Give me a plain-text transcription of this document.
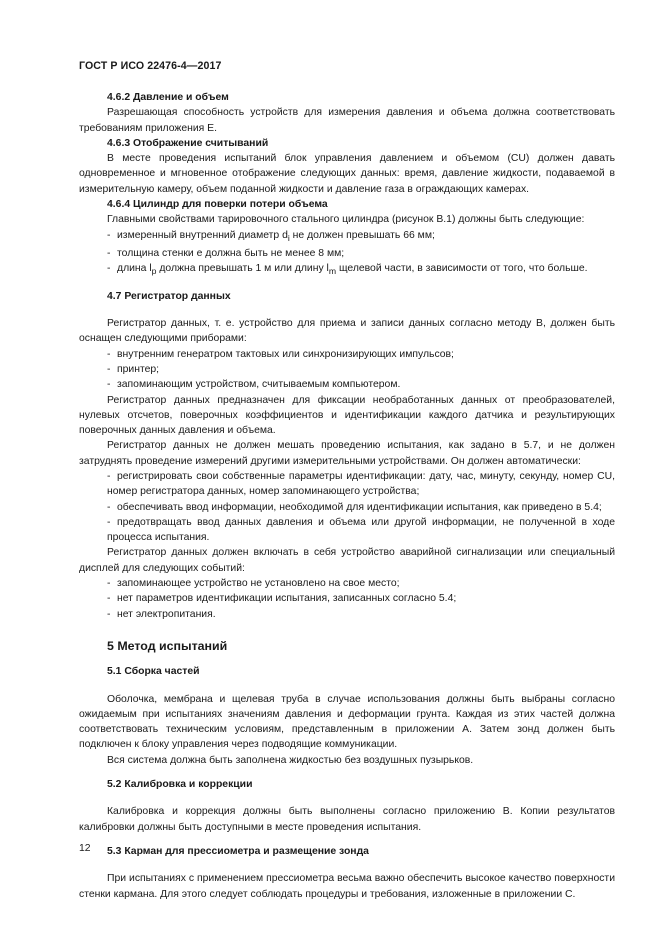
ГОСТ Р ИСО 22476-4—2017

4.6.2 Давление и объем

Разрешающая способность устройств для измерения давления и объема должна соответствовать требованиям приложения Е.

4.6.3 Отображение считываний

В месте проведения испытаний блок управления давлением и объемом (CU) должен давать одновременное и мгновенное отображение следующих данных: время, давление жидкости, подаваемой в измерительную камеру, объем поданной жидкости и давление газа в ограждающих камерах.

4.6.4 Цилиндр для поверки потери объема

Главными свойствами тарировочного стального цилиндра (рисунок В.1) должны быть следующие:

- измеренный внутренний диаметр $d_i$ не должен превышать 66 мм;

- толщина стенки e должна быть не менее 8 мм;

- длина $l_p$ должна превышать 1 м или длину $l_m$ щелевой части, в зависимости от того, что больше.

4.7 Регистратор данных

Регистратор данных, т. е. устройство для приема и записи данных согласно методу В, должен быть оснащен следующими приборами:

- внутренним генератром тактовых или синхронизирующих импульсов;

- принтер;

- запоминающим устройством, считываемым компьютером.

Регистратор данных предназначен для фиксации необработанных данных от преобразователей, нулевых отсчетов, поверочных коэффициентов и идентификации каждого датчика и результирующих поверочных данных давления и объема.

Регистратор данных не должен мешать проведению испытания, как задано в 5.7, и не должен затруднять проведение измерений другими измерительными устройствами. Он должен автоматически:

- регистрировать свои собственные параметры идентификации: дату, час, минуту, секунду, номер CU, номер регистратора данных, номер запоминающего устройства;

- обеспечивать ввод информации, необходимой для идентификации испытания, как приведено в 5.4;

- предотвращать ввод данных давления и объема или другой информации, не полученной в ходе процесса испытания.

Регистратор данных должен включать в себя устройство аварийной сигнализации или специальный дисплей для следующих событий:

- запоминающее устройство не установлено на свое место;

- нет параметров идентификации испытания, записанных согласно 5.4;

- нет электропитания.

5 Метод испытаний

5.1 Сборка частей

Оболочка, мембрана и щелевая труба в случае использования должны быть выбраны согласно ожидаемым при испытаниях значениям давления и деформации грунта. Каждая из этих частей должна соответствовать техническим условиям, представленным в приложении А. Затем зонд должен быть подключен к блоку управления через подводящие коммуникации.

Вся система должна быть заполнена жидкостью без воздушных пузырьков.

5.2 Калибровка и коррекции

Калибровка и коррекция должны быть выполнены согласно приложению В. Копии результатов калибровки должны быть доступными в месте проведения испытания.

5.3 Карман для прессиометра и размещение зонда

При испытаниях с применением прессиометра весьма важно обеспечить высокое качество поверхности стенки кармана. Для этого следует соблюдать процедуры и требования, изложенные в приложении С.

12
